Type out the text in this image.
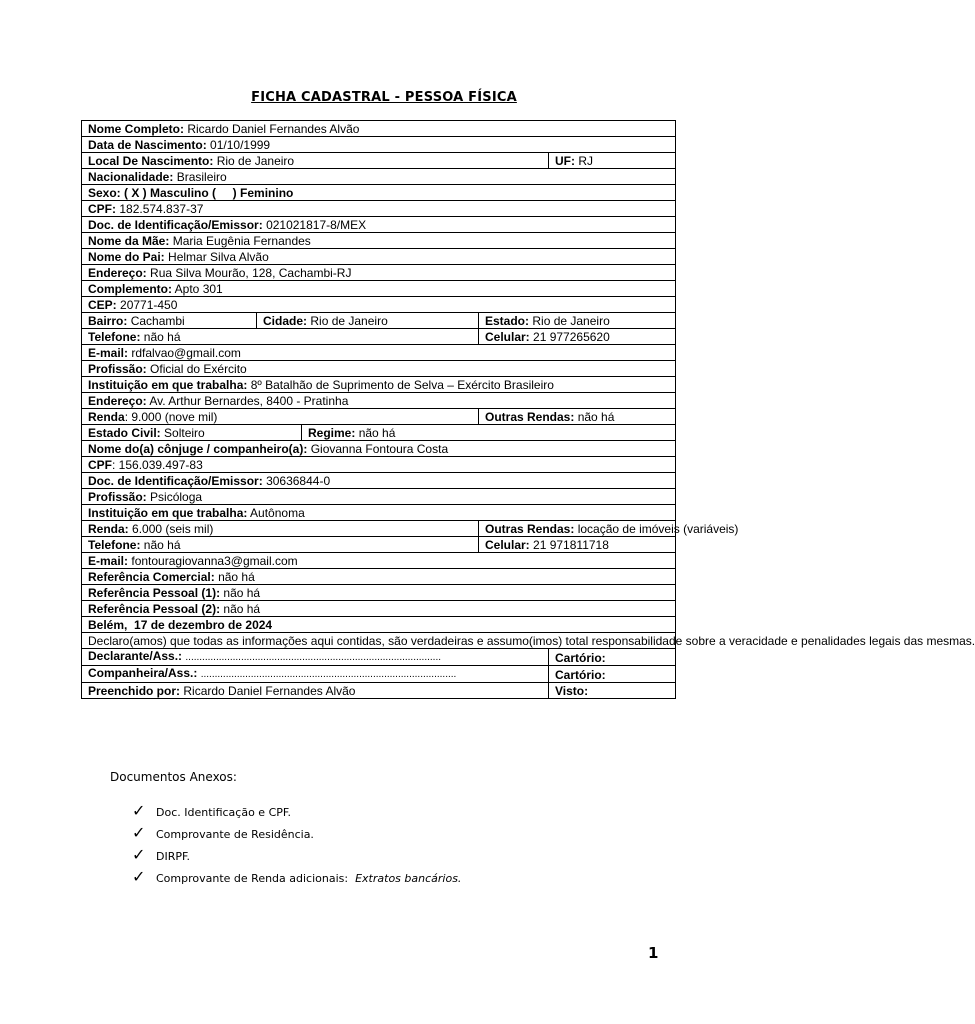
FICHA CADASTRAL - PESSOA FÍSICA
Nome Completo: Ricardo Daniel Fernandes Alvão
Data de Nascimento: 01/10/1999
Local De Nascimento: Rio de Janeiro	UF: RJ
Nacionalidade: Brasileiro
Sexo: ( X ) Masculino (     ) Feminino
CPF: 182.574.837-37
Doc. de Identificação/Emissor: 021021817-8/MEX
Nome da Mãe: Maria Eugênia Fernandes
Nome do Pai: Helmar Silva Alvão
Endereço: Rua Silva Mourão, 128, Cachambi-RJ
Complemento: Apto 301
CEP: 20771-450
Bairro: Cachambi	Cidade: Rio de Janeiro	Estado: Rio de Janeiro
Telefone: não há	Celular: 21 977265620
E-mail: rdfalvao@gmail.com
Profissão: Oficial do Exército
Instituição em que trabalha: 8º Batalhão de Suprimento de Selva – Exército Brasileiro
Endereço: Av. Arthur Bernardes, 8400 - Pratinha
Renda: 9.000 (nove mil)	Outras Rendas: não há

Estado Civil: Solteiro	Regime: não há

Nome do(a) cônjuge / companheiro(a): Giovanna Fontoura Costa
CPF: 156.039.497-83
Doc. de Identificação/Emissor: 30636844-0
Profissão: Psicóloga
Instituição em que trabalha: Autônoma
Renda: 6.000 (seis mil)	Outras Rendas: locação de imóveis (variáveis)
Telefone: não há	Celular: 21 971811718
E-mail: fontouragiovanna3@gmail.com
Referência Comercial: não há
Referência Pessoal (1): não há
Referência Pessoal (2): não há
Belém,  17 de dezembro de 2024
Declaro(amos) que todas as informações aqui contidas, são verdadeiras e assumo(imos) total responsabilidade sobre a veracidade e penalidades legais das mesmas.
Declarante/Ass.: ............................................................................................	Cartório:
Companheira/Ass.: ............................................................................................	Cartório:
Preenchido por: Ricardo Daniel Fernandes Alvão	Visto:
Documentos Anexos:
✓ Doc. Identificação e CPF.
✓ Comprovante de Residência.
✓ DIRPF.
✓ Comprovante de Renda adicionais:  Extratos bancários.
1
